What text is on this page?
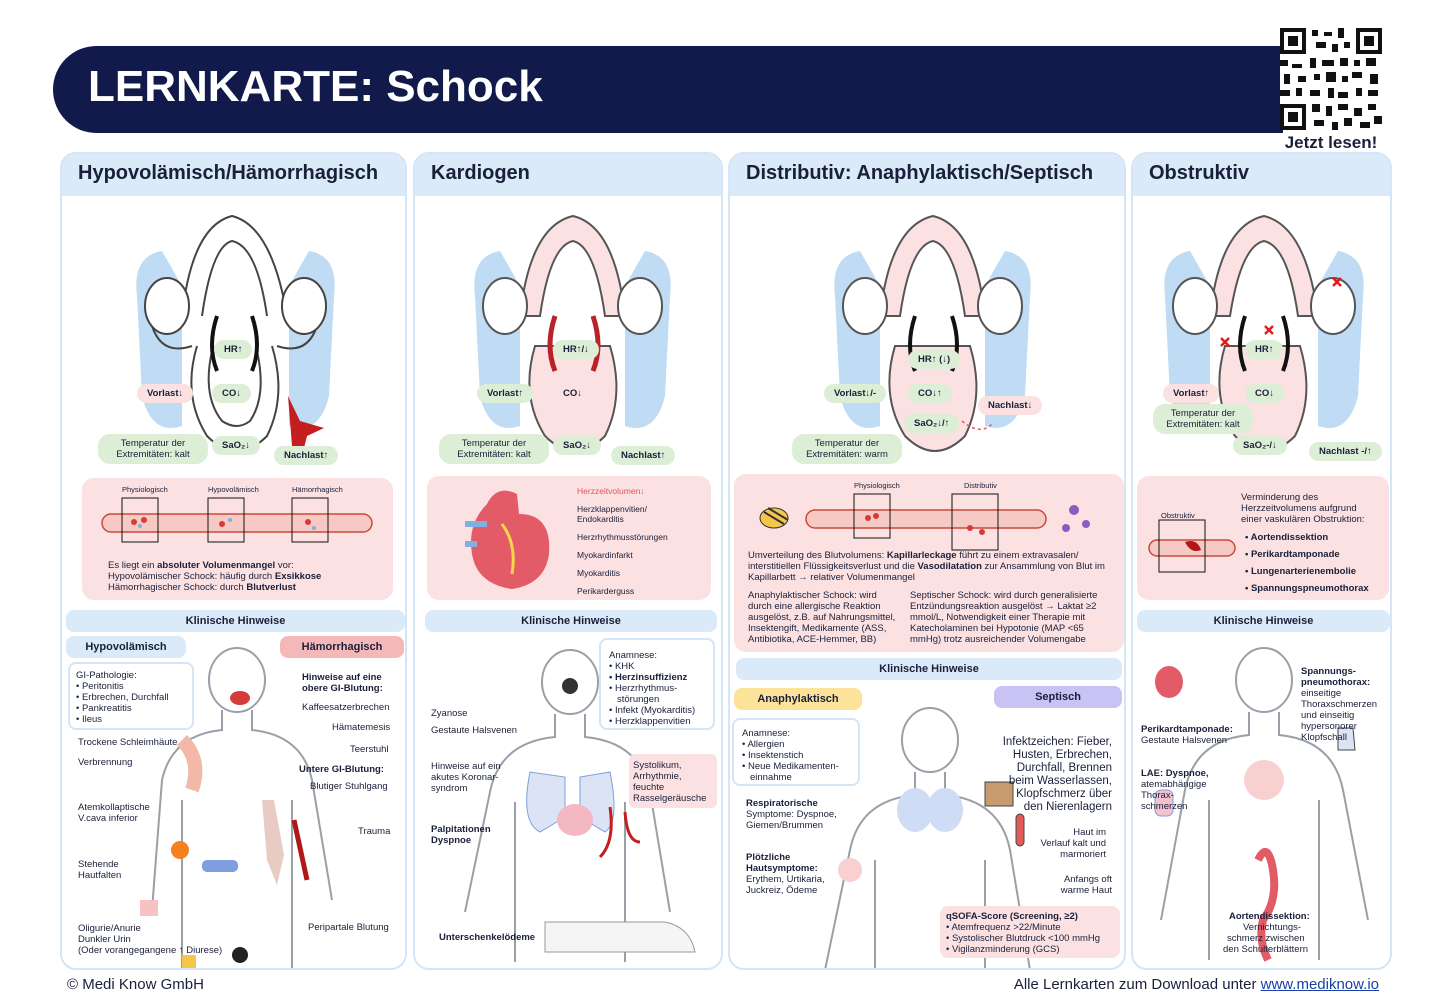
LERNKARTE: Schock
Jetzt lesen!
Hypovolämisch/Hämorrhagisch
HR↑
Vorlast↓	CO↓
Temperatur der Extremitäten: kalt
SaO₂↓
Nachlast↑
Physiologisch	Hypovolämisch	Hämorrhagisch
Es liegt ein absoluter Volumenmangel vor:
Hypovolämischer Schock: häufig durch Exsikkose
Hämorrhagischer Schock: durch Blutverlust
Klinische Hinweise
Hypovolämisch	Hämorrhagisch
GI-Pathologie:
• Peritonitis
• Erbrechen, Durchfall
• Pankreatitis
• Ileus
Trockene Schleimhäute
Verbrennung
Atemkollaptische
V.cava inferior
Stehende
Hautfalten
Oligurie/Anurie
Dunkler Urin
(Oder vorangegangene ↑ Diurese)
Hinweise auf eine
obere GI-Blutung:
Kaffeesatzerbrechen
Hämatemesis
Teerstuhl
Untere GI-Blutung:
Blutiger Stuhlgang
Trauma
Peripartale Blutung
Kardiogen
HR↑/↓
Vorlast↑	CO↓
Temperatur der Extremitäten: kalt
SaO₂↓
Nachlast↑
Herzzeitvolumen↓
Herzklappenvitien/
Endokarditis
Herzrhythmusstörungen
Myokardinfarkt
Myokarditis
Perikarderguss
Klinische Hinweise
Anamnese:
• KHK
• Herzinsuffizienz
• Herzrhythmus-
störungen
• Infekt (Myokarditis)
• Herzklappenvitien
Zyanose
Gestaute Halsvenen
Hinweise auf ein
akutes Koronar-
syndrom
Palpitationen
Dyspnoe
Unterschenkelödeme
Systolikum,
Arrhythmie,
feuchte
Rasselgeräusche
Distributiv: Anaphylaktisch/Septisch
HR↑ (↓)
Vorlast↓/-	CO↓↑
Temperatur der Extremitäten: warm
SaO₂↓/↑
Nachlast↓
Physiologisch	Distributiv
Umverteilung des Blutvolumens: Kapillarleckage führt zu einem extravasalen/
interstitiellen Flüssigkeitsverlust und die Vasodilatation zur Ansammlung von Blut im
Kapillarbett → relativer Volumenmangel
Anaphylaktischer Schock: wird
durch eine allergische Reaktion
ausgelöst, z.B. auf Nahrungsmittel,
Insektengift, Medikamente (ASS,
Antibiotika, ACE-Hemmer, BB)
Septischer Schock: wird durch generalisierte
Entzündungsreaktion ausgelöst → Laktat ≥2
mmol/L, Notwendigkeit einer Therapie mit
Katecholaminen bei Hypotonie (MAP <65
mmHg) trotz ausreichender Volumengabe
Klinische Hinweise
Anaphylaktisch	Septisch
Anamnese:
• Allergien
• Insektenstich
• Neue Medikamenten-
einnahme
Respiratorische
Symptome: Dyspnoe,
Giemen/Brummen
Plötzliche
Hautsymptome:
Erythem, Urtikaria,
Juckreiz, Ödeme
Infektzeichen: Fieber,
Husten, Erbrechen,
Durchfall, Brennen
beim Wasserlassen,
Klopfschmerz über
den Nierenlagern
Haut im
Verlauf kalt und
marmoriert
Anfangs oft
warme Haut
qSOFA-Score (Screening, ≥2)
• Atemfrequenz >22/Minute
• Systolischer Blutdruck <100 mmHg
• Vigilanzminderung (GCS)
Obstruktiv
HR↑
Vorlast↑	CO↓
Temperatur der Extremitäten: kalt
SaO₂-/↓
Nachlast -/↑
Obstruktiv
Verminderung des
Herzzeitvolumens aufgrund
einer vaskulären Obstruktion:
• Aortendissektion
• Perikardtamponade
• Lungenarterienembolie
• Spannungspneumothorax
Klinische Hinweise
Perikardtamponade:
Gestaute Halsvenen
LAE: Dyspnoe,
atemabhängige
Thorax-
schmerzen
Spannungs-
pneumothorax:
einseitige
Thoraxschmerzen
und einseitig
hypersonorer
Klopfschall
Aortendissektion:
Vernichtungs-
schmerz zwischen
den Schulterblättern
© Medi Know GmbH	Alle Lernkarten zum Download unter www.mediknow.io
